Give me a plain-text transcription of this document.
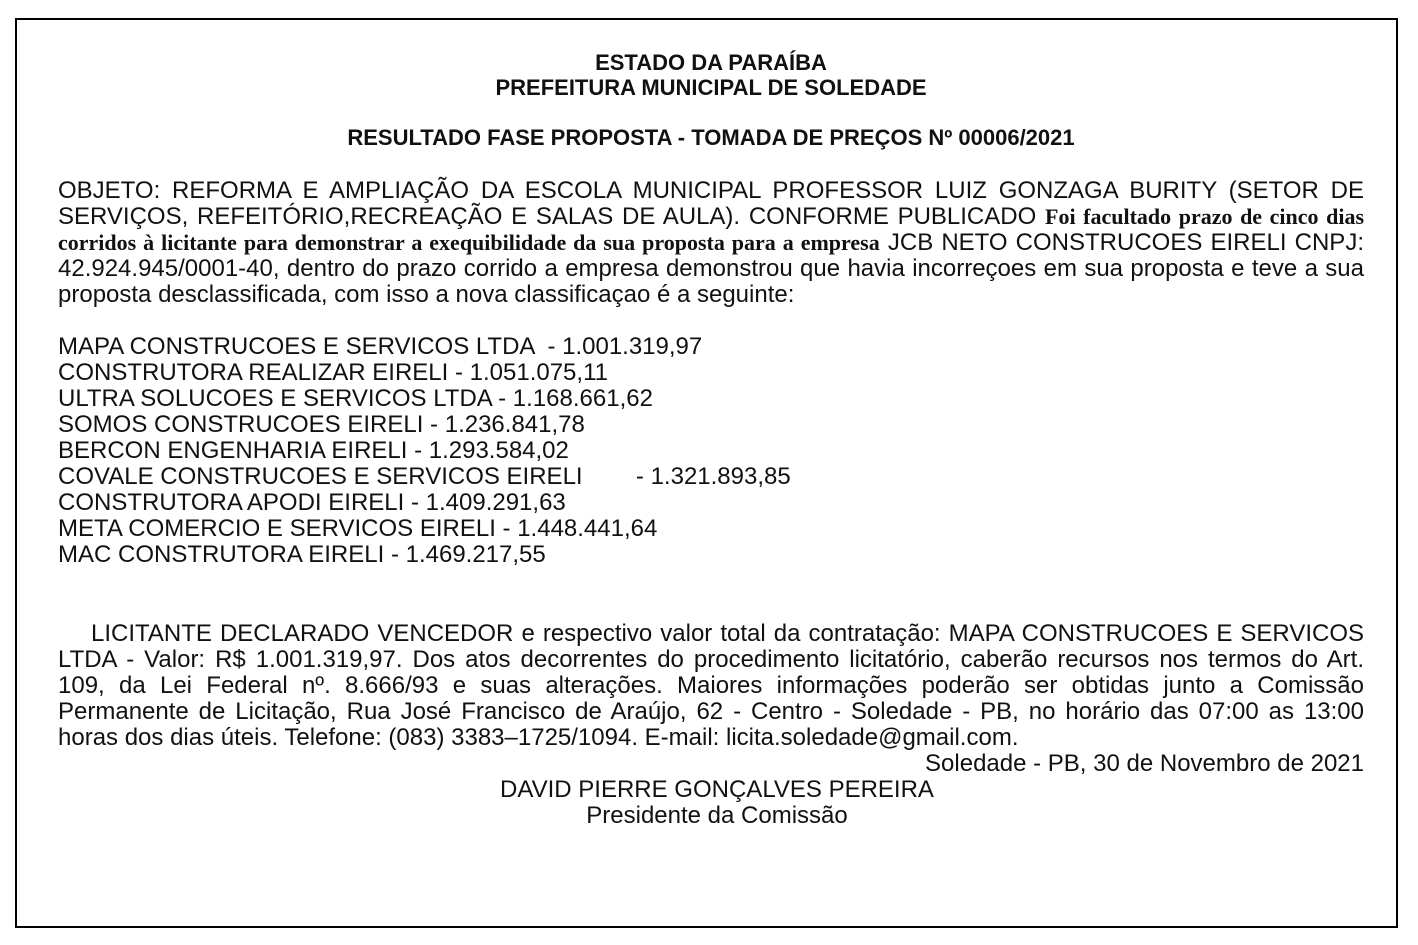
ESTADO DA PARAÍBA
PREFEITURA MUNICIPAL DE SOLEDADE
RESULTADO FASE PROPOSTA - TOMADA DE PREÇOS Nº 00006/2021
OBJETO: REFORMA E AMPLIAÇÃO DA ESCOLA MUNICIPAL PROFESSOR LUIZ GONZAGA BURITY (SETOR DE SERVIÇOS, REFEITÓRIO,RECREAÇÃO E SALAS DE AULA). CONFORME PUBLICADO Foi facultado prazo de cinco dias corridos à licitante para demonstrar a exequibilidade da sua proposta para a empresa JCB NETO CONSTRUCOES EIRELI CNPJ: 42.924.945/0001-40, dentro do prazo corrido a empresa demonstrou que havia incorreçoes em sua proposta e teve a sua proposta desclassificada, com isso a nova classificaçao é a seguinte:
MAPA CONSTRUCOES E SERVICOS LTDA  - 1.001.319,97
CONSTRUTORA REALIZAR EIRELI - 1.051.075,11
ULTRA SOLUCOES E SERVICOS LTDA - 1.168.661,62
SOMOS CONSTRUCOES EIRELI - 1.236.841,78
BERCON ENGENHARIA EIRELI - 1.293.584,02
COVALE CONSTRUCOES E SERVICOS EIRELI        - 1.321.893,85
CONSTRUTORA APODI EIRELI - 1.409.291,63
META COMERCIO E SERVICOS EIRELI - 1.448.441,64
MAC CONSTRUTORA EIRELI - 1.469.217,55
LICITANTE DECLARADO VENCEDOR e respectivo valor total da contratação: MAPA CONSTRUCOES E SERVICOS LTDA - Valor: R$ 1.001.319,97. Dos atos decorrentes do procedimento licitatório, caberão recursos nos termos do Art. 109, da Lei Federal nº. 8.666/93 e suas alterações. Maiores informações poderão ser obtidas junto a Comissão Permanente de Licitação, Rua José Francisco de Araújo, 62 - Centro - Soledade - PB, no horário das 07:00 as 13:00 horas dos dias úteis. Telefone: (083) 3383–1725/1094. E-mail: licita.soledade@gmail.com.
Soledade - PB, 30 de Novembro de 2021
DAVID PIERRE GONÇALVES PEREIRA
Presidente da Comissão
